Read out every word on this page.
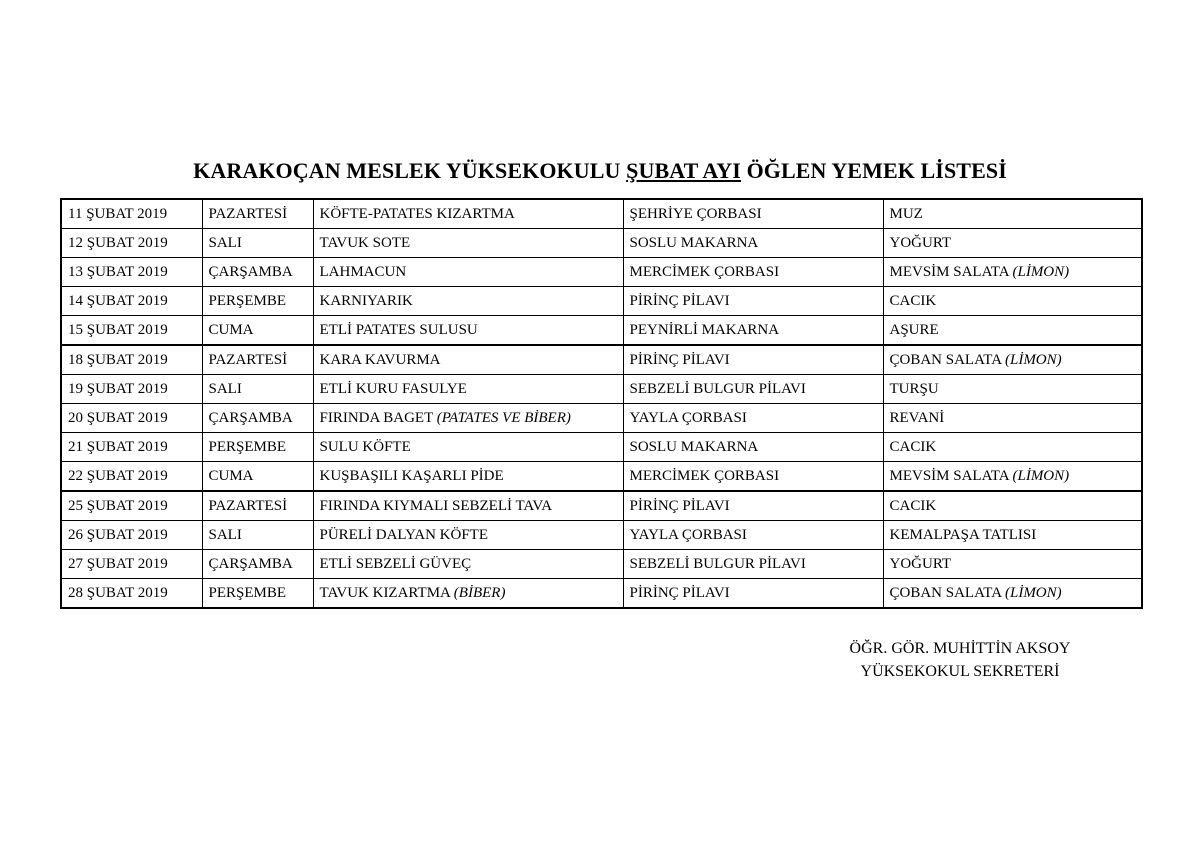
KARAKOÇAN MESLEK YÜKSEKOKULU ŞUBAT AYI ÖĞLEN YEMEK LİSTESİ
11 ŞUBAT 2019	PAZARTESİ	KÖFTE-PATATES KIZARTMA	ŞEHRİYE ÇORBASI	MUZ
12 ŞUBAT 2019	SALI	TAVUK SOTE	SOSLU MAKARNA	YOĞURT
13 ŞUBAT 2019	ÇARŞAMBA	LAHMACUN	MERCİMEK ÇORBASI	MEVSİM SALATA (LİMON)
14 ŞUBAT 2019	PERŞEMBE	KARNIYARIK	PİRİNÇ PİLAVI	CACIK
15 ŞUBAT 2019	CUMA	ETLİ PATATES SULUSU	PEYNİRLİ MAKARNA	AŞURE
18 ŞUBAT 2019	PAZARTESİ	KARA KAVURMA	PİRİNÇ PİLAVI	ÇOBAN SALATA (LİMON)
19 ŞUBAT 2019	SALI	ETLİ KURU FASULYE	SEBZELİ BULGUR PİLAVI	TURŞU
20 ŞUBAT 2019	ÇARŞAMBA	FIRINDA BAGET (PATATES VE BİBER)	YAYLA ÇORBASI	REVANİ
21 ŞUBAT 2019	PERŞEMBE	SULU KÖFTE	SOSLU MAKARNA	CACIK
22 ŞUBAT 2019	CUMA	KUŞBAŞILI KAŞARLI PİDE	MERCİMEK ÇORBASI	MEVSİM SALATA (LİMON)
25 ŞUBAT 2019	PAZARTESİ	FIRINDA KIYMALI SEBZELİ TAVA	PİRİNÇ PİLAVI	CACIK
26 ŞUBAT 2019	SALI	PÜRELİ DALYAN KÖFTE	YAYLA ÇORBASI	KEMALPAŞA TATLISI
27 ŞUBAT 2019	ÇARŞAMBA	ETLİ SEBZELİ GÜVEÇ	SEBZELİ BULGUR PİLAVI	YOĞURT
28 ŞUBAT 2019	PERŞEMBE	TAVUK KIZARTMA (BİBER)	PİRİNÇ PİLAVI	ÇOBAN SALATA (LİMON)
ÖĞR. GÖR. MUHİTTİN AKSOY
YÜKSEKOKUL SEKRETERİ
